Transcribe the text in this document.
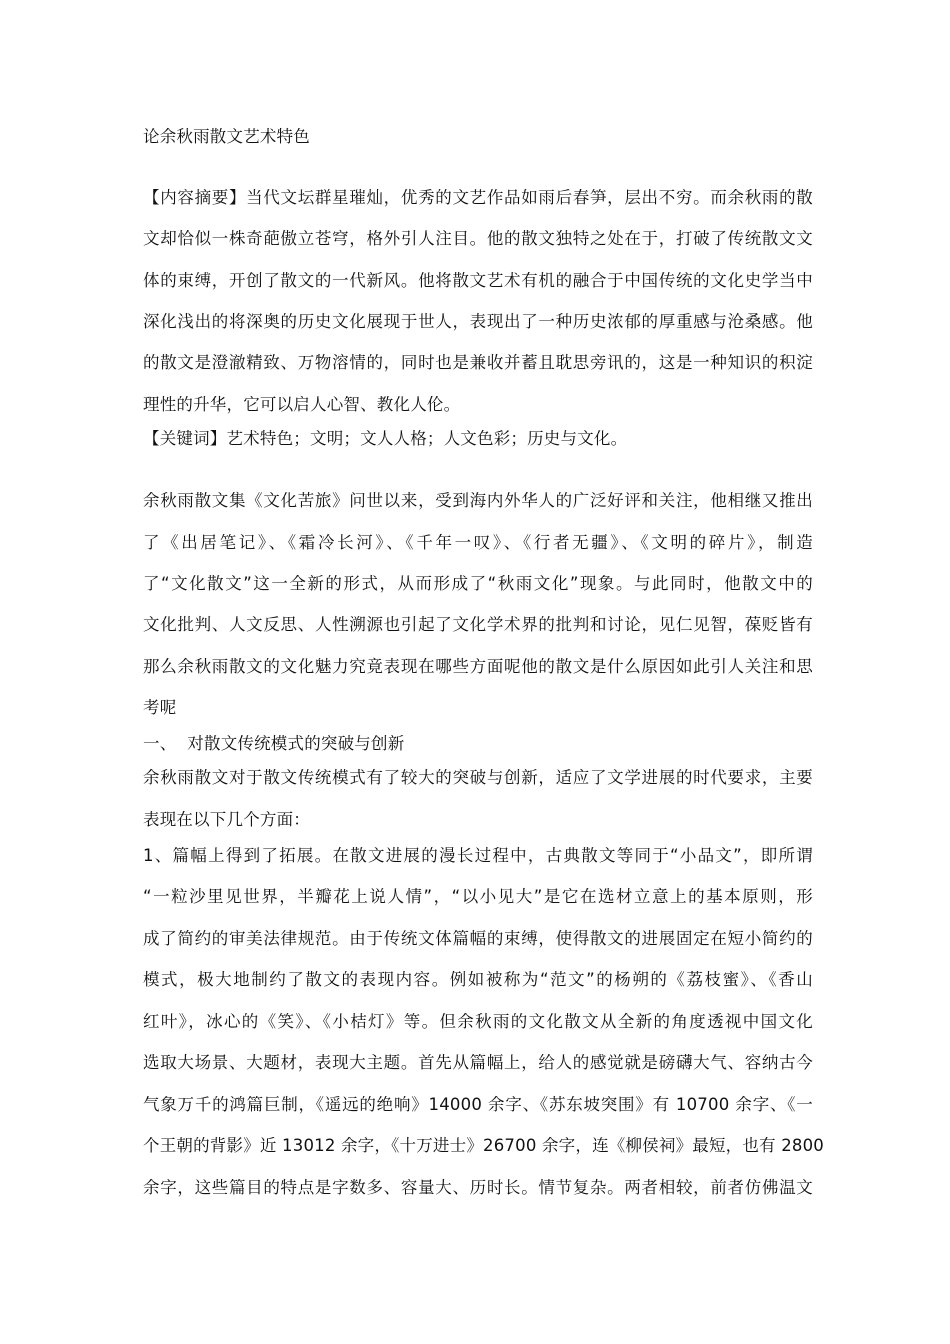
论余秋雨散文艺术特色
【内容摘要】当代文坛群星璀灿，优秀的文艺作品如雨后春笋，层出不穷。而余秋雨的散
文却恰似一株奇葩傲立苍穹，格外引人注目。他的散文独特之处在于，打破了传统散文文
体的束缚，开创了散文的一代新风。他将散文艺术有机的融合于中国传统的文化史学当中
深化浅出的将深奥的历史文化展现于世人，表现出了一种历史浓郁的厚重感与沧桑感。他
的散文是澄澈精致、万物溶情的，同时也是兼收并蓄且耽思旁讯的，这是一种知识的积淀
理性的升华，它可以启人心智、教化人伦。
【关键词】艺术特色；文明；文人人格；人文色彩；历史与文化。
余秋雨散文集《文化苦旅》问世以来，受到海内外华人的广泛好评和关注，他相继又推出
了《出居笔记》、《霜冷长河》、《千年一叹》、《行者无疆》、《文明的碎片》，制造
了“文化散文”这一全新的形式，从而形成了“秋雨文化”现象。与此同时，他散文中的
文化批判、人文反思、人性溯源也引起了文化学术界的批判和讨论，见仁见智，葆贬皆有
那么余秋雨散文的文化魅力究竟表现在哪些方面呢他的散文是什么原因如此引人关注和思
考呢
一、  对散文传统模式的突破与创新
余秋雨散文对于散文传统模式有了较大的突破与创新，适应了文学进展的时代要求，主要
表现在以下几个方面：
1、篇幅上得到了拓展。在散文进展的漫长过程中，古典散文等同于“小品文”，即所谓
“一粒沙里见世界，半瓣花上说人情”，“以小见大”是它在选材立意上的基本原则，形
成了简约的审美法律规范。由于传统文体篇幅的束缚，使得散文的进展固定在短小简约的
模式，极大地制约了散文的表现内容。例如被称为“范文”的杨朔的《荔枝蜜》、《香山
红叶》，冰心的《笑》、《小桔灯》等。但余秋雨的文化散文从全新的角度透视中国文化
选取大场景、大题材，表现大主题。首先从篇幅上，给人的感觉就是磅礴大气、容纳古今
气象万千的鸿篇巨制，《遥远的绝响》14000 余字、《苏东坡突围》有 10700 余字、《一
个王朝的背影》近 13012 余字，《十万进士》26700 余字，连《柳侯祠》最短，也有 2800
余字，这些篇目的特点是字数多、容量大、历时长。情节复杂。两者相较，前者仿佛温文
